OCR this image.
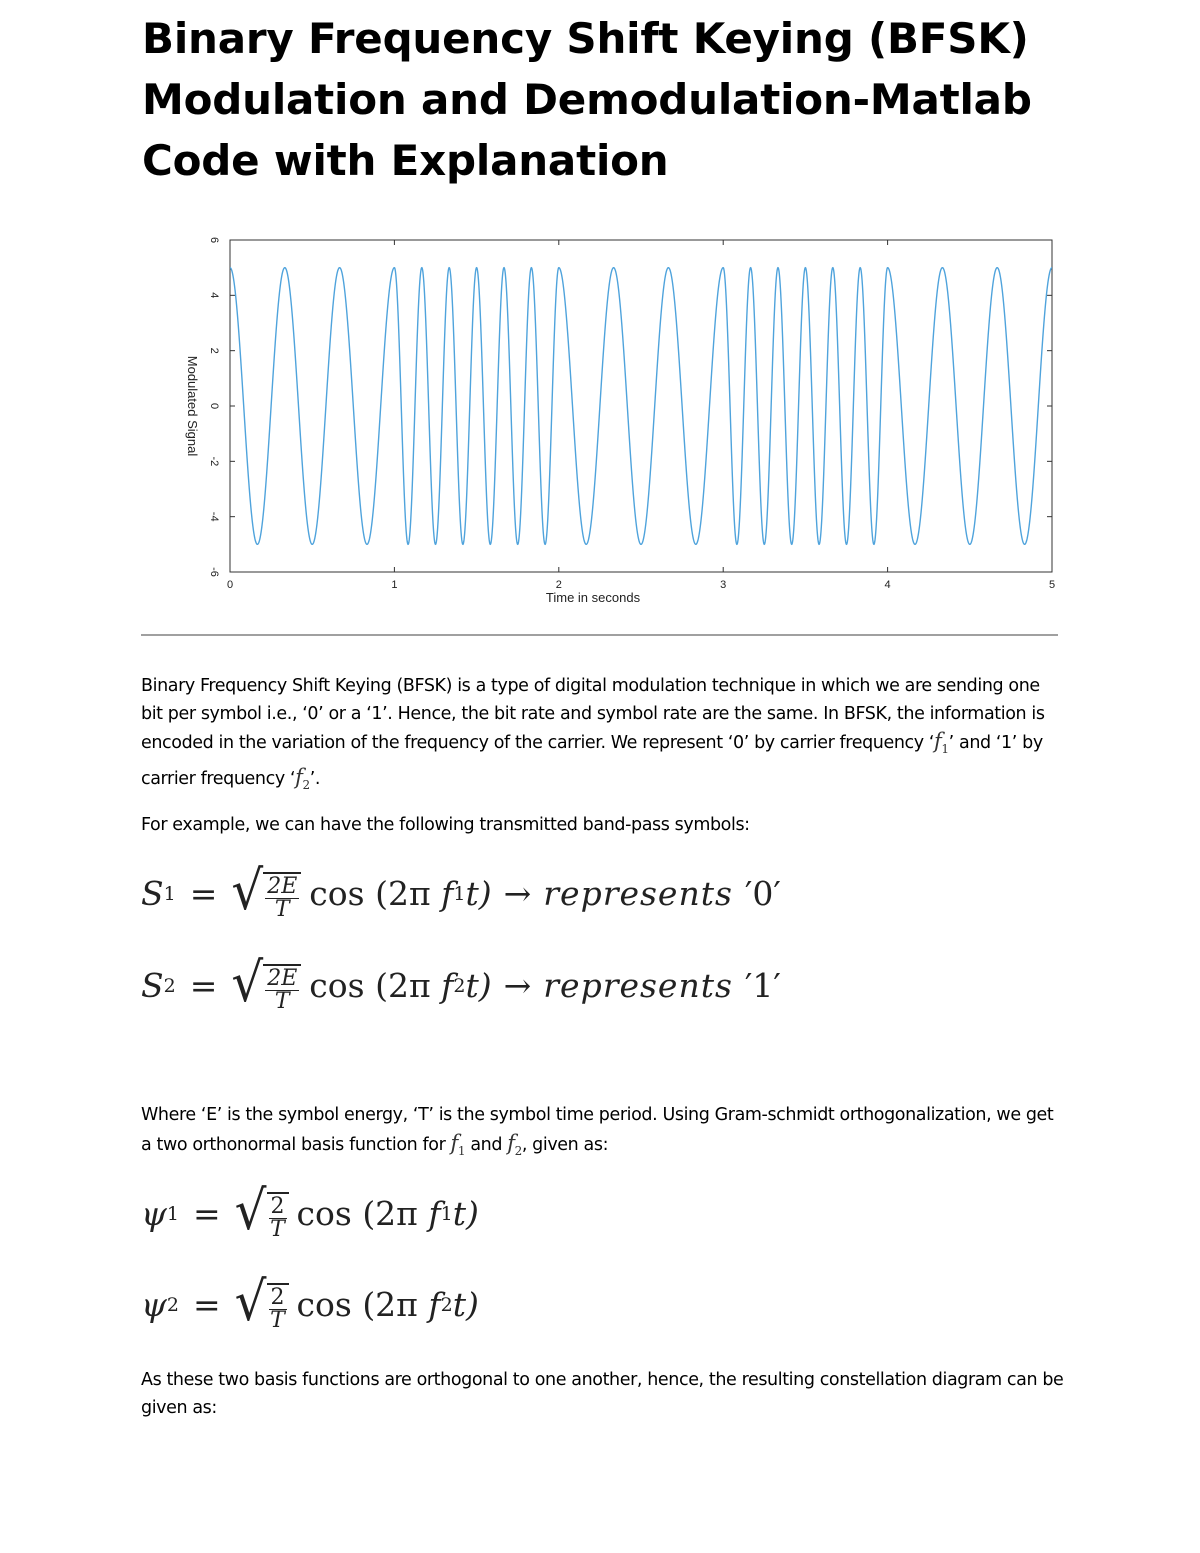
Binary Frequency Shift Keying (BFSK) Modulation and Demodulation-Matlab Code with Explanation
0	1	2	3	4	5
6
4
2
0
-2
-4
-6
Time in seconds
Modulated Signal

Binary Frequency Shift Keying (BFSK) is a type of digital modulation technique in which we are sending one bit per symbol i.e., ‘0’ or a ‘1’. Hence, the bit rate and symbol rate are the same. In BFSK, the information is encoded in the variation of the frequency of the carrier. We represent ‘0’ by carrier frequency ‘$f_1$’ and ‘1’ by carrier frequency ‘$f_2$’.

For example, we can have the following transmitted band-pass symbols:

S 1 = √ $\frac{2E}{T}$ cos
(2π
f 1 t) → represents ′0′
S 2 = √ $\frac{2E}{T}$ cos
(2π
f 2 t) → represents ′1′

Where ‘E’ is the symbol energy, ‘T’ is the symbol time period. Using Gram-schmidt orthogonalization, we get a two orthonormal basis function for $f_1$ and $f_2$, given as:

ψ 1 = √ $\frac{2}{T}$ cos
(2π
f 1 t)
ψ 2 = √ $\frac{2}{T}$ cos
(2π
f 2 t)

As these two basis functions are orthogonal to one another, hence, the resulting constellation diagram can be given as:
